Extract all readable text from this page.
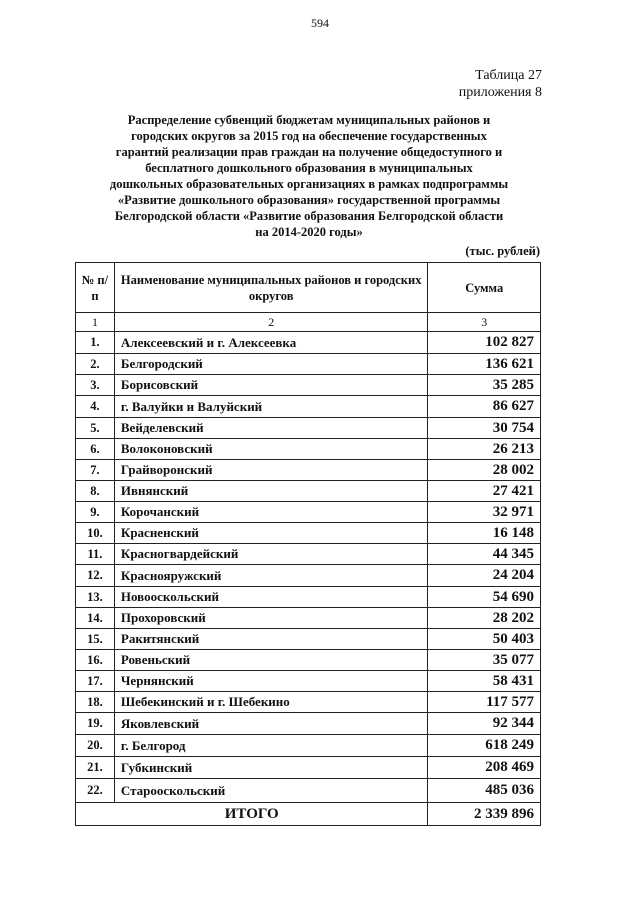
594
Таблица 27
приложения 8
Распределение субвенций бюджетам муниципальных районов и
городских округов за 2015 год на обеспечение государственных
гарантий реализации прав граждан на получение общедоступного и
бесплатного дошкольного образования в муниципальных
дошкольных образовательных организациях в рамках подпрограммы
«Развитие дошкольного образования» государственной программы
Белгородской области «Развитие образования Белгородской области
на 2014-2020 годы»
(тыс. рублей)
№ п/п	Наименование муниципальных районов и городских округов	Сумма
1	2	3
1.	Алексеевский и г. Алексеевка	102 827
2.	Белгородский	136 621
3.	Борисовский	35 285
4.	г. Валуйки и Валуйский	86 627
5.	Вейделевский	30 754
6.	Волоконовский	26 213
7.	Грайворонский	28 002
8.	Ивнянский	27 421
9.	Корочанский	32 971
10.	Красненский	16 148
11.	Красногвардейский	44 345
12.	Краснояружский	24 204
13.	Новооскольский	54 690
14.	Прохоровский	28 202
15.	Ракитянский	50 403
16.	Ровеньский	35 077
17.	Чернянский	58 431
18.	Шебекинский и г. Шебекино	117 577
19.	Яковлевский	92 344
20.	г. Белгород	618 249
21.	Губкинский	208 469
22.	Старооскольский	485 036
ИТОГО		2 339 896
